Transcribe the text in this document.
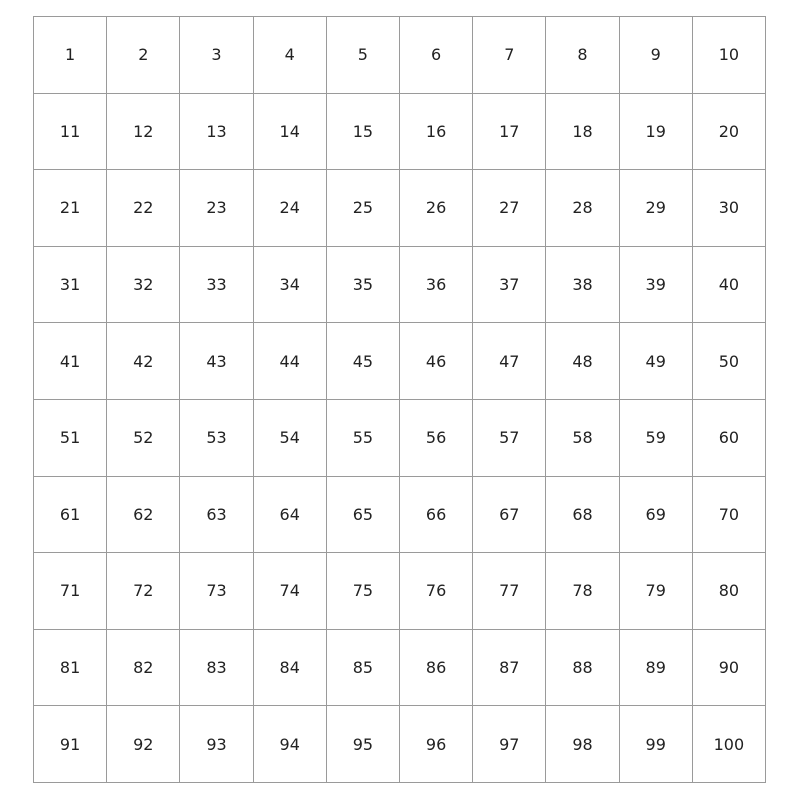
1	2	3	4	5	6	7	8	9	10
11	12	13	14	15	16	17	18	19	20
21	22	23	24	25	26	27	28	29	30
31	32	33	34	35	36	37	38	39	40
41	42	43	44	45	46	47	48	49	50
51	52	53	54	55	56	57	58	59	60
61	62	63	64	65	66	67	68	69	70
71	72	73	74	75	76	77	78	79	80
81	82	83	84	85	86	87	88	89	90
91	92	93	94	95	96	97	98	99	100
